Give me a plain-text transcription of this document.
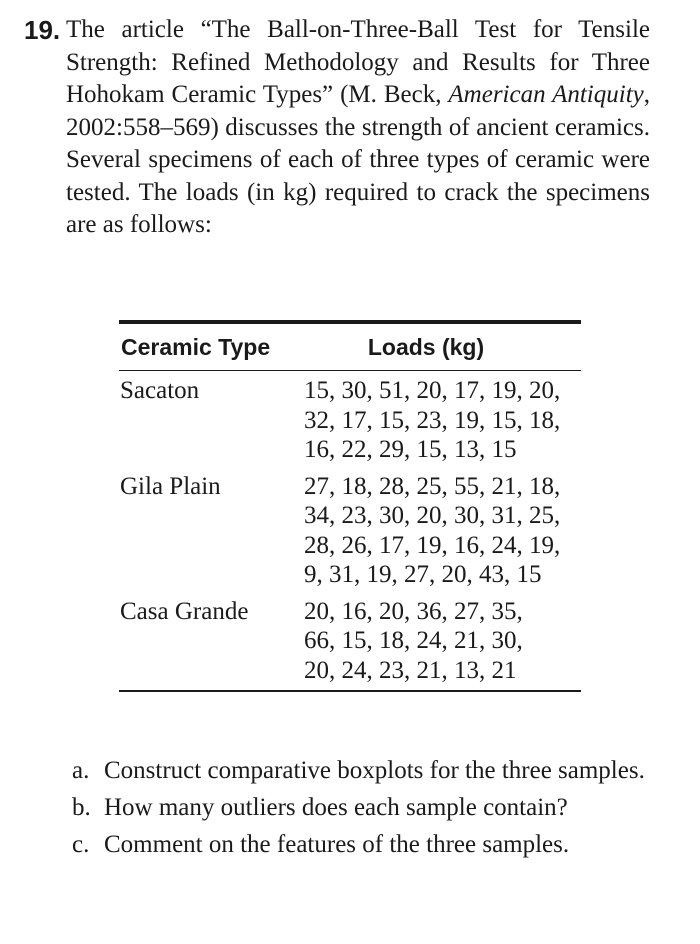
19. The article “The Ball-on-Three-Ball Test for Tensile Strength: Refined Methodology and Results for Three Hohokam Ceramic Types” (M. Beck, American Antiquity, 2002:558–569) discusses the strength of ancient ceramics. Several specimens of each of three types of ceramic were tested. The loads (in kg) required to crack the specimens are as follows:
Ceramic Type	Loads (kg)
Sacaton	15, 30, 51, 20, 17, 19, 20,
32, 17, 15, 23, 19, 15, 18,
16, 22, 29, 15, 13, 15
Gila Plain	27, 18, 28, 25, 55, 21, 18,
34, 23, 30, 20, 30, 31, 25,
28, 26, 17, 19, 16, 24, 19,
9, 31, 19, 27, 20, 43, 15
Casa Grande	20, 16, 20, 36, 27, 35,
66, 15, 18, 24, 21, 30,
20, 24, 23, 21, 13, 21
a. Construct comparative boxplots for the three samples.
b. How many outliers does each sample contain?
c. Comment on the features of the three samples.
